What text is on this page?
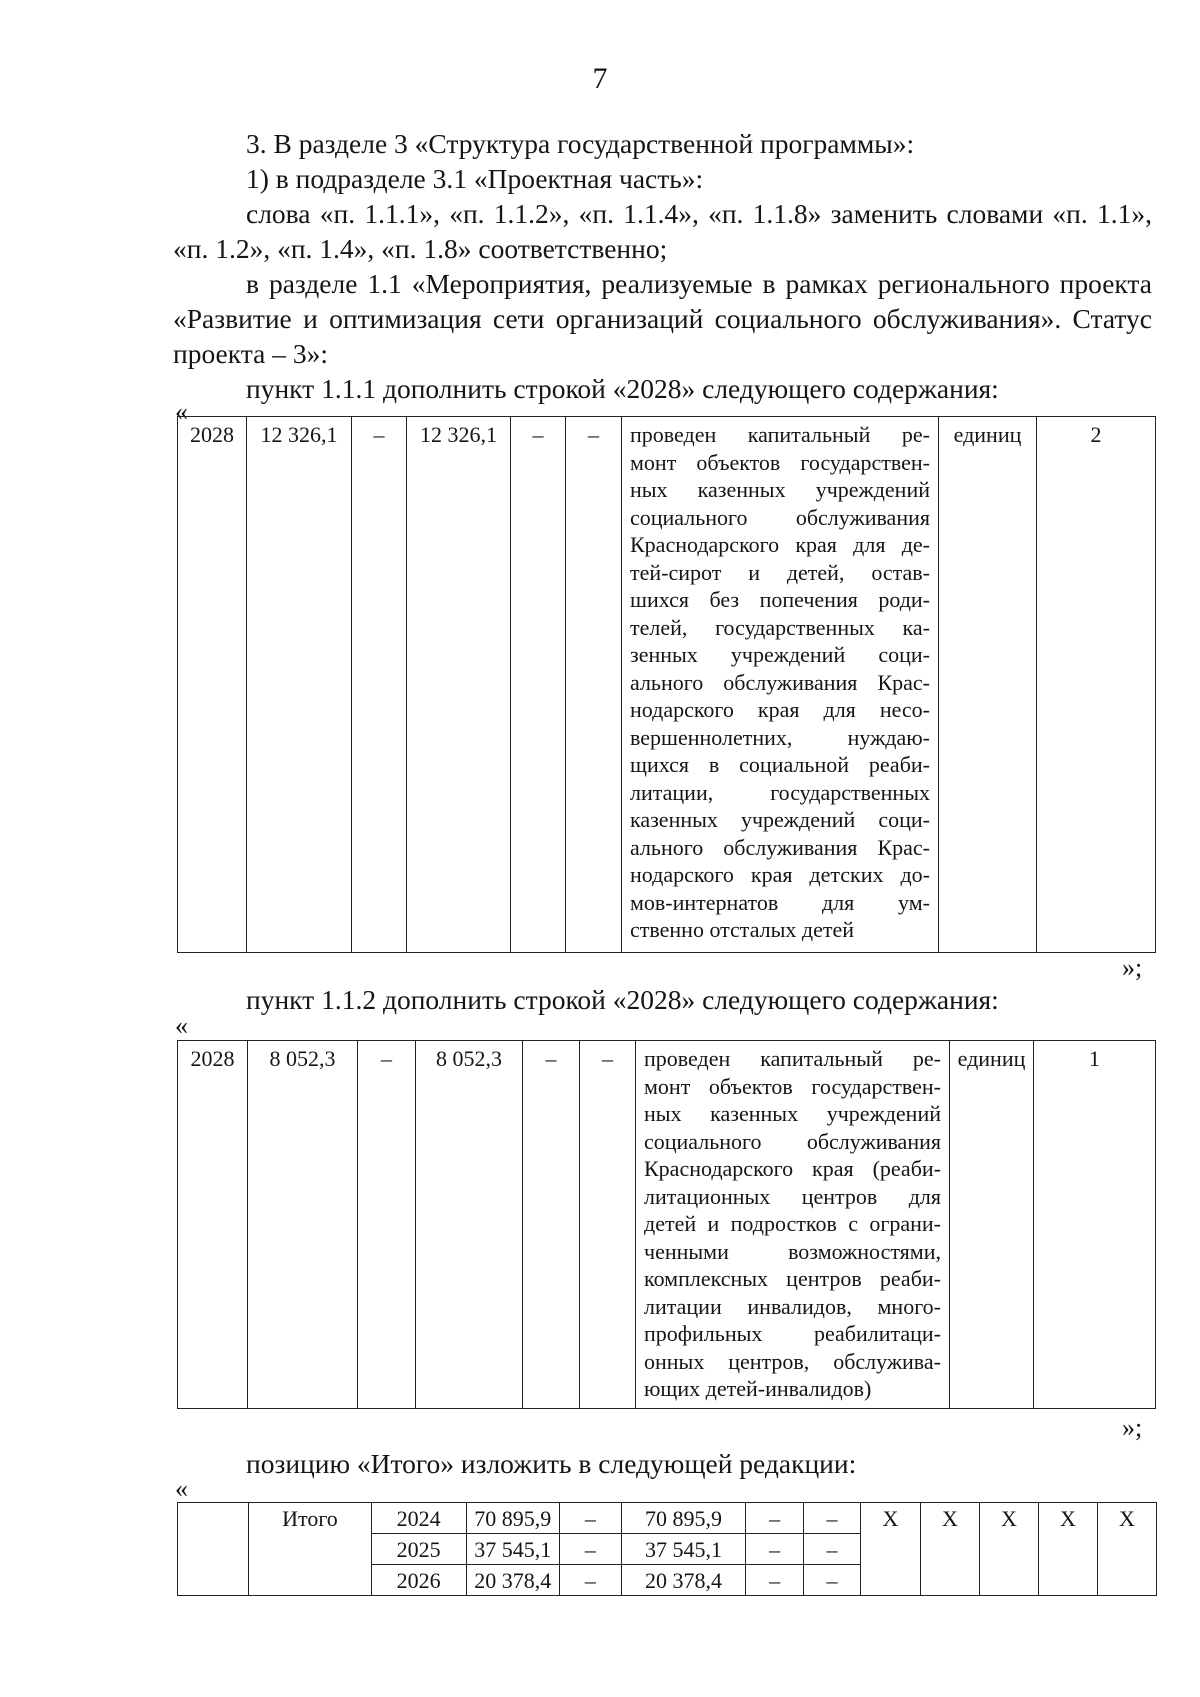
7
3. В разделе 3 «Структура государственной программы»:
1) в подразделе 3.1 «Проектная часть»:
слова «п. 1.1.1», «п. 1.1.2», «п. 1.1.4», «п. 1.1.8» заменить словами «п. 1.1»,
«п. 1.2», «п. 1.4», «п. 1.8» соответственно;
в разделе 1.1 «Мероприятия, реализуемые в рамках регионального проекта
«Развитие и оптимизация сети организаций социального обслуживания». Статус
проекта – 3»:
пункт 1.1.1 дополнить строкой «2028» следующего содержания:
«
2028	12 326,1	–	12 326,1	–	–	проведен капитальный ре-
монт объектов государствен-
ных казенных учреждений
социального обслуживания
Краснодарского края для де-
тей-сирот и детей, остав-
шихся без попечения роди-
телей, государственных ка-
зенных учреждений соци-
ального обслуживания Крас-
нодарского края для несо-
вершеннолетних, нуждаю-
щихся в социальной реаби-
литации, государственных
казенных учреждений соци-
ального обслуживания Крас-
нодарского края детских до-
мов-интернатов для ум-
ственно отсталых детей
	единиц	2
»;
пункт 1.1.2 дополнить строкой «2028» следующего содержания:
«
2028	8 052,3	–	8 052,3	–	–	проведен капитальный ре-
монт объектов государствен-
ных казенных учреждений
социального обслуживания
Краснодарского края (реаби-
литационных центров для
детей и подростков с ограни-
ченными возможностями,
комплексных центров реаби-
литации инвалидов, много-
профильных реабилитаци-
онных центров, обслужива-
ющих детей-инвалидов)
	единиц	1
»;
позицию «Итого» изложить в следующей редакции:
«
	Итого	2024	70 895,9	–	70 895,9	–	–	X	X	X	X	X
		2025	37 545,1	–	37 545,1	–	–					
		2026	20 378,4	–	20 378,4	–	–					
